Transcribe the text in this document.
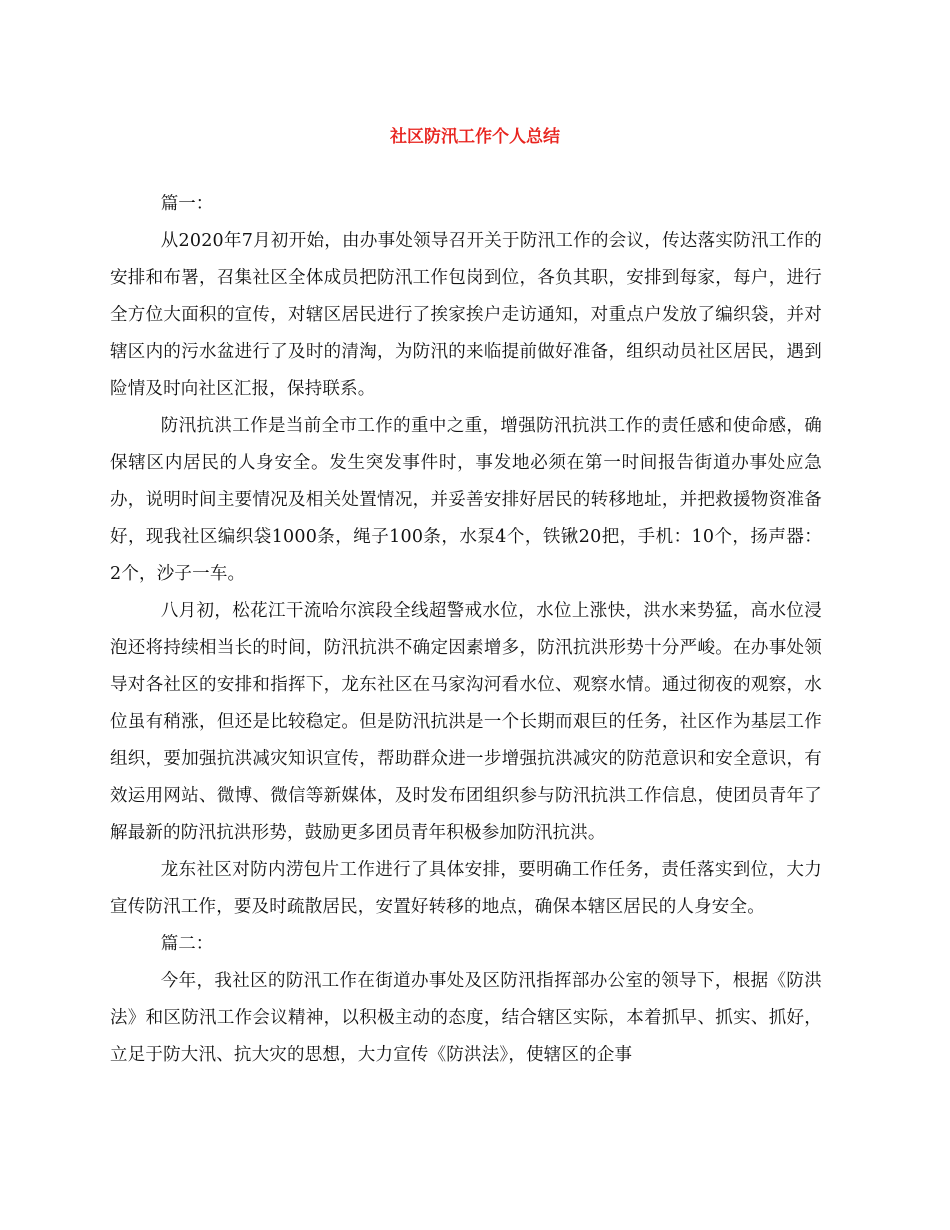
社区防汛工作个人总结

篇一：

从2020年7月初开始，由办事处领导召开关于防汛工作的会议，传达落实防汛工作的安排和布署，召集社区全体成员把防汛工作包岗到位，各负其职，安排到每家，每户，进行全方位大面积的宣传，对辖区居民进行了挨家挨户走访通知，对重点户发放了编织袋，并对辖区内的污水盆进行了及时的清淘，为防汛的来临提前做好准备，组织动员社区居民，遇到险情及时向社区汇报，保持联系。

防汛抗洪工作是当前全市工作的重中之重，增强防汛抗洪工作的责任感和使命感，确保辖区内居民的人身安全。发生突发事件时，事发地必须在第一时间报告街道办事处应急办，说明时间主要情况及相关处置情况，并妥善安排好居民的转移地址，并把救援物资准备好，现我社区编织袋1000条，绳子100条，水泵4个，铁锹20把，手机：10个，扬声器：2个，沙子一车。

八月初，松花江干流哈尔滨段全线超警戒水位，水位上涨快，洪水来势猛，高水位浸泡还将持续相当长的时间，防汛抗洪不确定因素增多，防汛抗洪形势十分严峻。在办事处领导对各社区的安排和指挥下，龙东社区在马家沟河看水位、观察水情。通过彻夜的观察，水位虽有稍涨，但还是比较稳定。但是防汛抗洪是一个长期而艰巨的任务，社区作为基层工作组织，要加强抗洪减灾知识宣传，帮助群众进一步增强抗洪减灾的防范意识和安全意识，有效运用网站、微博、微信等新媒体，及时发布团组织参与防汛抗洪工作信息，使团员青年了解最新的防汛抗洪形势，鼓励更多团员青年积极参加防汛抗洪。

龙东社区对防内涝包片工作进行了具体安排，要明确工作任务，责任落实到位，大力宣传防汛工作，要及时疏散居民，安置好转移的地点，确保本辖区居民的人身安全。

篇二：

今年，我社区的防汛工作在街道办事处及区防汛指挥部办公室的领导下，根据《防洪法》和区防汛工作会议精神，以积极主动的态度，结合辖区实际，本着抓早、抓实、抓好，立足于防大汛、抗大灾的思想，大力宣传《防洪法》，使辖区的企事
